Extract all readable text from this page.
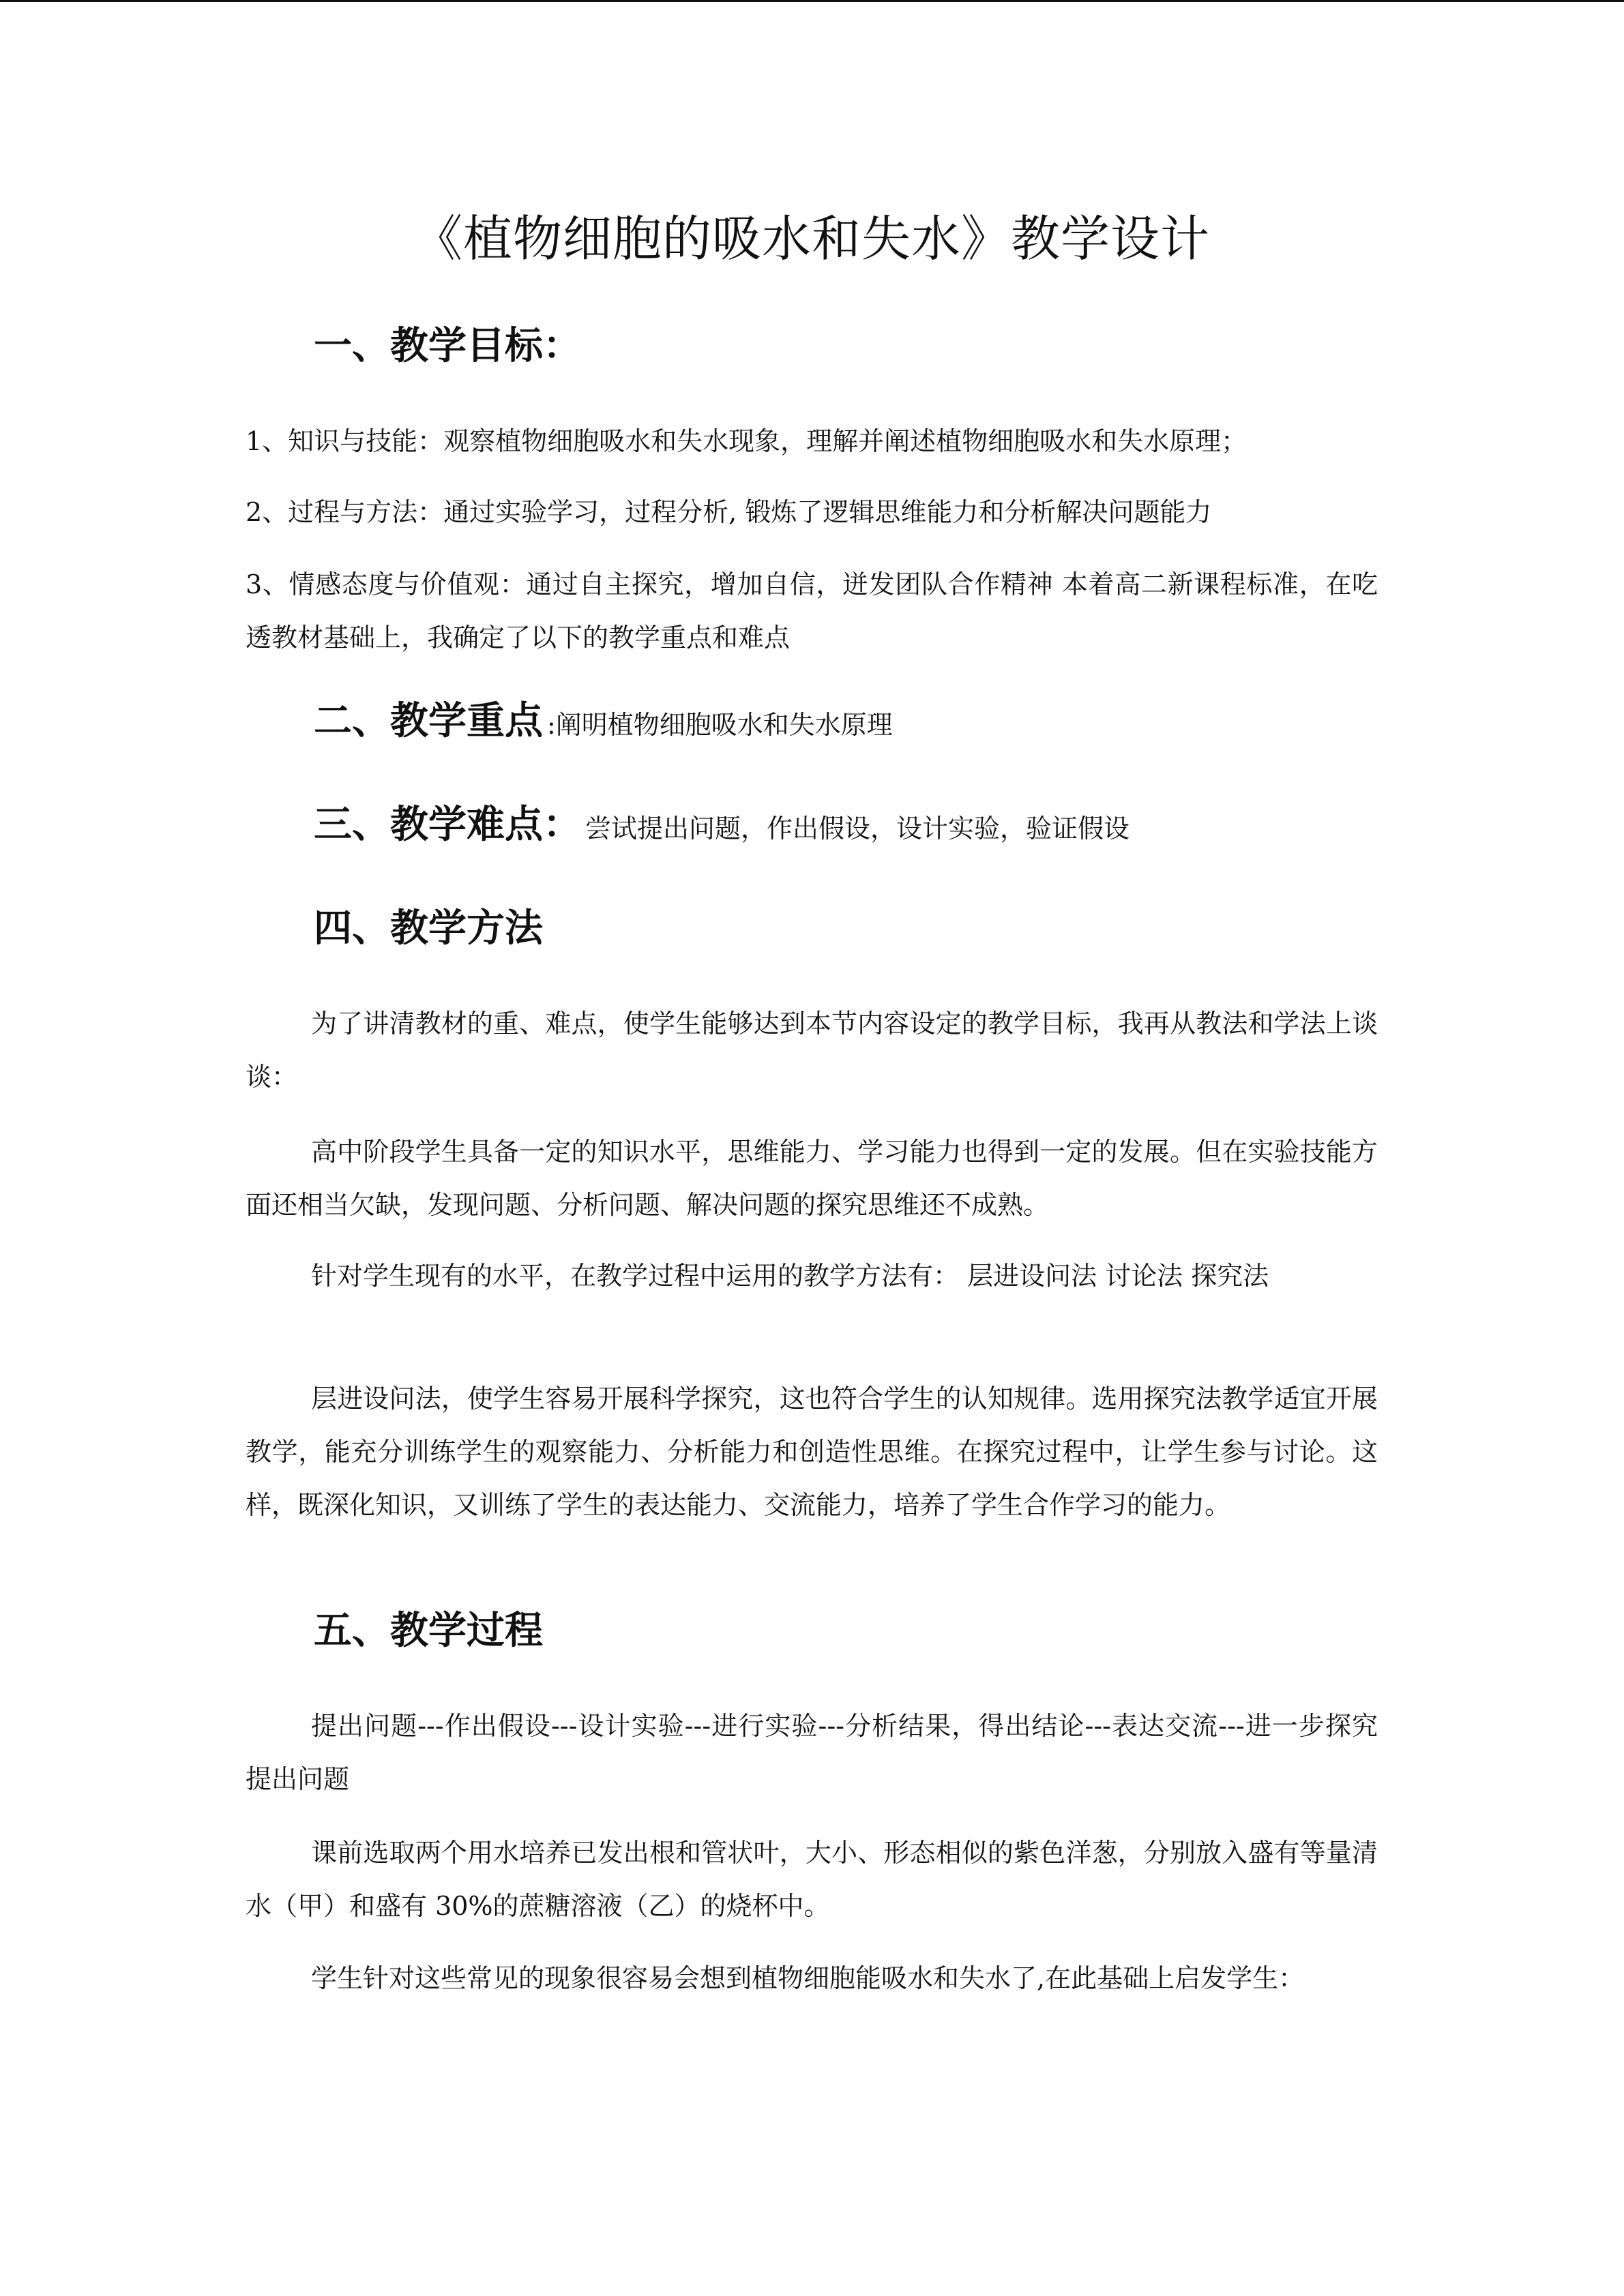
《植物细胞的吸水和失水》教学设计
一、教学目标：
1、知识与技能：观察植物细胞吸水和失水现象，理解并阐述植物细胞吸水和失水原理；
2、过程与方法：通过实验学习，过程分析, 锻炼了逻辑思维能力和分析解决问题能力
3、情感态度与价值观：通过自主探究，增加自信，迸发团队合作精神 本着高二新课程标准，在吃透教材基础上，我确定了以下的教学重点和难点
二、教学重点 :阐明植物细胞吸水和失水原理
三、教学难点： 尝试提出问题，作出假设，设计实验，验证假设
四、教学方法
为了讲清教材的重、难点，使学生能够达到本节内容设定的教学目标，我再从教法和学法上谈谈：
高中阶段学生具备一定的知识水平，思维能力、学习能力也得到一定的发展。但在实验技能方面还相当欠缺，发现问题、分析问题、解决问题的探究思维还不成熟。
针对学生现有的水平，在教学过程中运用的教学方法有： 层进设问法 讨论法 探究法
层进设问法，使学生容易开展科学探究，这也符合学生的认知规律。选用探究法教学适宜开展教学，能充分训练学生的观察能力、分析能力和创造性思维。在探究过程中，让学生参与讨论。这样，既深化知识，又训练了学生的表达能力、交流能力，培养了学生合作学习的能力。
五、教学过程
提出问题---作出假设---设计实验---进行实验---分析结果，得出结论---表达交流---进一步探究 提出问题
课前选取两个用水培养已发出根和管状叶，大小、形态相似的紫色洋葱，分别放入盛有等量清水（甲）和盛有 30%的蔗糖溶液（乙）的烧杯中。
学生针对这些常见的现象很容易会想到植物细胞能吸水和失水了,在此基础上启发学生：
